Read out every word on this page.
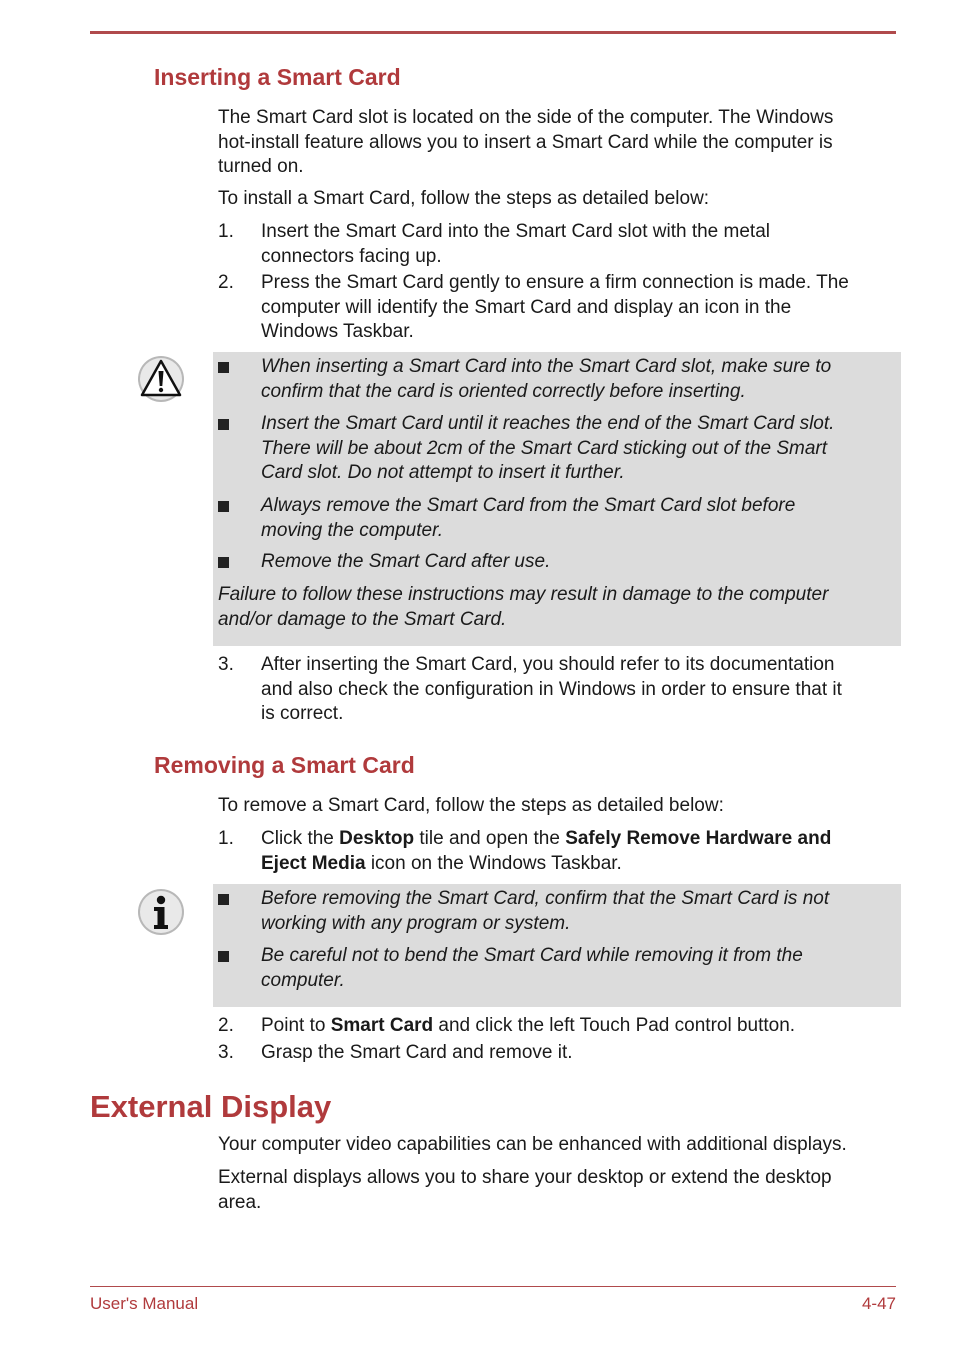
Inserting a Smart Card
The Smart Card slot is located on the side of the computer. The Windows
hot-install feature allows you to insert a Smart Card while the computer is
turned on.
To install a Smart Card, follow the steps as detailed below:
1. Insert the Smart Card into the Smart Card slot with the metal
connectors facing up.
2. Press the Smart Card gently to ensure a firm connection is made. The
computer will identify the Smart Card and display an icon in the
Windows Taskbar.
When inserting a Smart Card into the Smart Card slot, make sure to
confirm that the card is oriented correctly before inserting.
Insert the Smart Card until it reaches the end of the Smart Card slot.
There will be about 2cm of the Smart Card sticking out of the Smart
Card slot. Do not attempt to insert it further.
Always remove the Smart Card from the Smart Card slot before
moving the computer.
Remove the Smart Card after use.
Failure to follow these instructions may result in damage to the computer
and/or damage to the Smart Card.
3. After inserting the Smart Card, you should refer to its documentation
and also check the configuration in Windows in order to ensure that it
is correct.
Removing a Smart Card
To remove a Smart Card, follow the steps as detailed below:
1. Click the Desktop tile and open the Safely Remove Hardware and
Eject Media icon on the Windows Taskbar.
Before removing the Smart Card, confirm that the Smart Card is not
working with any program or system.
Be careful not to bend the Smart Card while removing it from the
computer.
2. Point to Smart Card and click the left Touch Pad control button.
3. Grasp the Smart Card and remove it.
External Display
Your computer video capabilities can be enhanced with additional displays.
External displays allows you to share your desktop or extend the desktop
area.
User's Manual	4-47
